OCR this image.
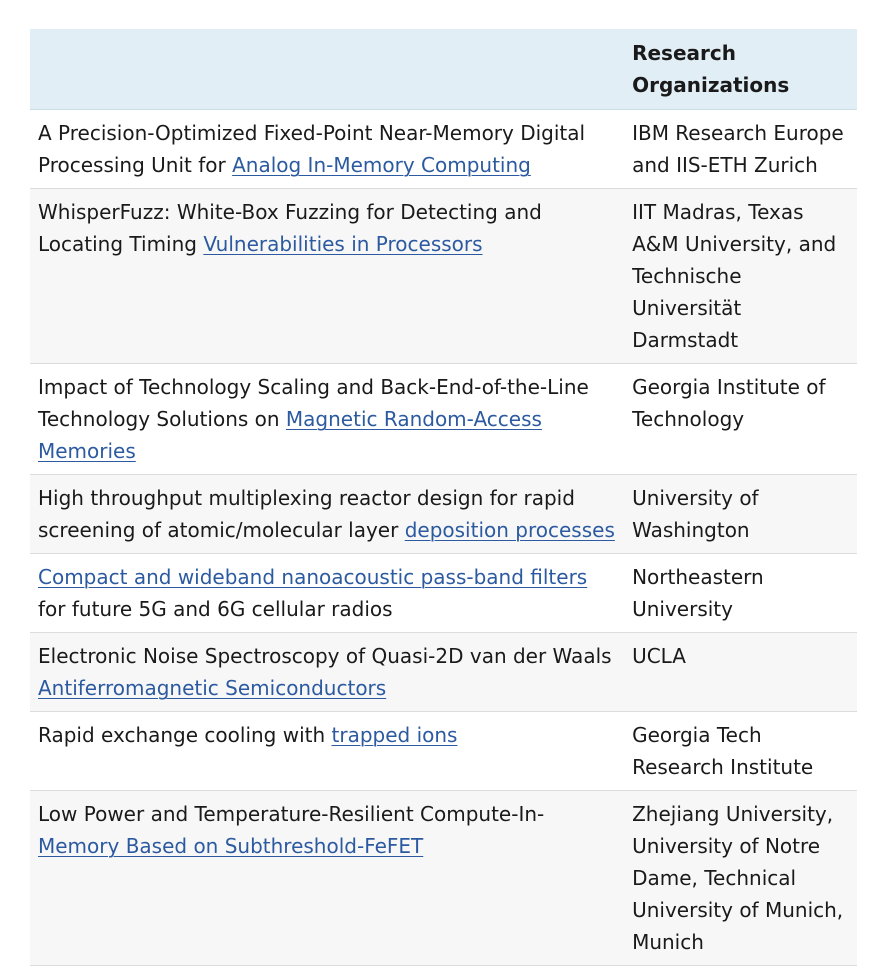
	Research Organizations
A Precision-Optimized Fixed-Point Near-Memory Digital Processing Unit for Analog In-Memory Computing	IBM Research Europe and IIS-ETH Zurich
WhisperFuzz: White-Box Fuzzing for Detecting and Locating Timing Vulnerabilities in Processors	IIT Madras, Texas A&M University, and Technische Universität Darmstadt
Impact of Technology Scaling and Back-End-of-the-Line Technology Solutions on Magnetic Random-Access Memories	Georgia Institute of Technology
High throughput multiplexing reactor design for rapid screening of atomic/molecular layer deposition processes	University of Washington
Compact and wideband nanoacoustic pass-band filters for future 5G and 6G cellular radios	Northeastern University
Electronic Noise Spectroscopy of Quasi-2D van der Waals Antiferromagnetic Semiconductors	UCLA
Rapid exchange cooling with trapped ions	Georgia Tech Research Institute
Low Power and Temperature-Resilient Compute-In-Memory Based on Subthreshold-FeFET	Zhejiang University, University of Notre Dame, Technical University of Munich, Munich
